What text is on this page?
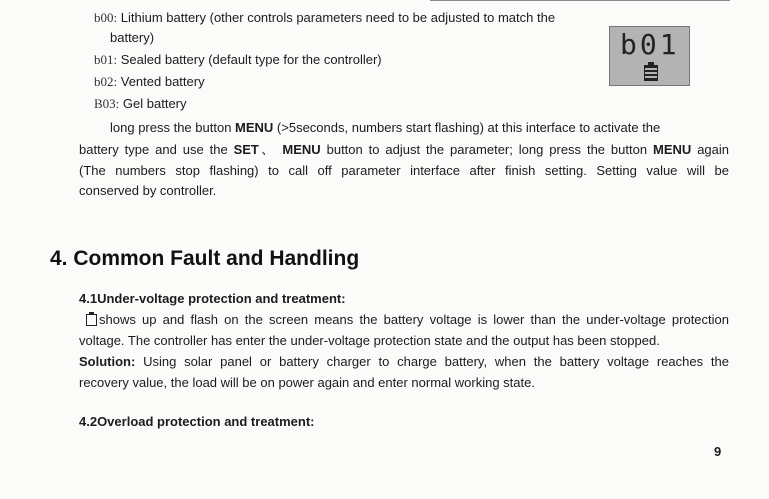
b00: Lithium battery (other controls parameters need to be adjusted to match the
battery)
b01: Sealed battery (default type for the controller)
b02: Vented battery
B03: Gel battery
b01
long press the button MENU (>5seconds, numbers start flashing) at this interface to activate the
battery type and use the SET、 MENU button to adjust the parameter; long press the button MENU again
(The numbers stop flashing) to call off parameter interface after finish setting. Setting value will be
conserved by controller.
4. Common Fault and Handling
4.1Under-voltage protection and treatment:
shows up and flash on the screen means the battery voltage is lower than the under-voltage protection
voltage. The controller has enter the under-voltage protection state and the output has been stopped.
Solution: Using solar panel or battery charger to charge battery, when the battery voltage reaches the
recovery value, the load will be on power again and enter normal working state.
4.2Overload protection and treatment:
9
